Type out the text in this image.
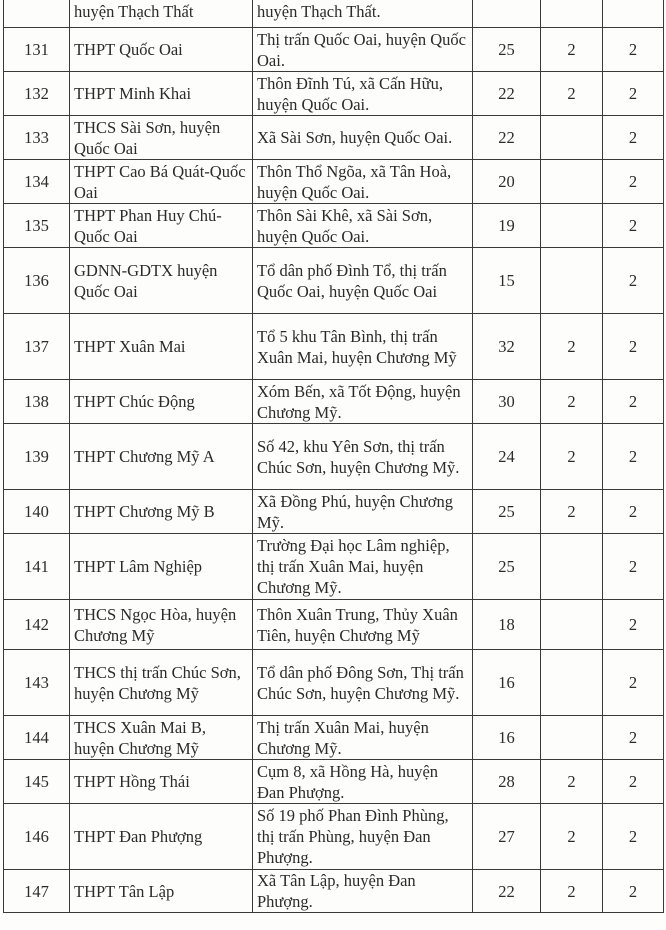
	huyện Thạch Thất	huyện Thạch Thất.			
131	THPT Quốc Oai	Thị trấn Quốc Oai, huyện Quốc Oai.	25	2	2
132	THPT Minh Khai	Thôn Đĩnh Tú, xã Cấn Hữu, huyện Quốc Oai.	22	2	2
133	THCS Sài Sơn, huyện Quốc Oai	Xã Sài Sơn, huyện Quốc Oai.	22		2
134	THPT Cao Bá Quát-Quốc Oai	Thôn Thổ Ngõa, xã Tân Hoà, huyện Quốc Oai.	20		2
135	THPT Phan Huy Chú-Quốc Oai	Thôn Sài Khê, xã Sài Sơn, huyện Quốc Oai.	19		2
136	GDNN-GDTX huyện Quốc Oai	Tổ dân phố Đình Tổ, thị trấn Quốc Oai, huyện Quốc Oai	15		2
137	THPT Xuân Mai	Tổ 5 khu Tân Bình, thị trấn Xuân Mai, huyện Chương Mỹ	32	2	2
138	THPT Chúc Động	Xóm Bến, xã Tốt Động, huyện Chương Mỹ.	30	2	2
139	THPT Chương Mỹ A	Số 42, khu Yên Sơn, thị trấn Chúc Sơn, huyện Chương Mỹ.	24	2	2
140	THPT Chương Mỹ B	Xã Đồng Phú, huyện Chương Mỹ.	25	2	2
141	THPT Lâm Nghiệp	Trường Đại học Lâm nghiệp, thị trấn Xuân Mai, huyện Chương Mỹ.	25		2
142	THCS Ngọc Hòa, huyện Chương Mỹ	Thôn Xuân Trung, Thủy Xuân Tiên, huyện Chương Mỹ	18		2
143	THCS thị trấn Chúc Sơn, huyện Chương Mỹ	Tổ dân phố Đông Sơn, Thị trấn Chúc Sơn, huyện Chương Mỹ.	16		2
144	THCS Xuân Mai B, huyện Chương Mỹ	Thị trấn Xuân Mai, huyện Chương Mỹ.	16		2
145	THPT Hồng Thái	Cụm 8, xã Hồng Hà, huyện Đan Phượng.	28	2	2
146	THPT Đan Phượng	Số 19 phố Phan Đình Phùng, thị trấn Phùng, huyện Đan Phượng.	27	2	2
147	THPT Tân Lập	Xã Tân Lập, huyện Đan Phượng.	22	2	2
